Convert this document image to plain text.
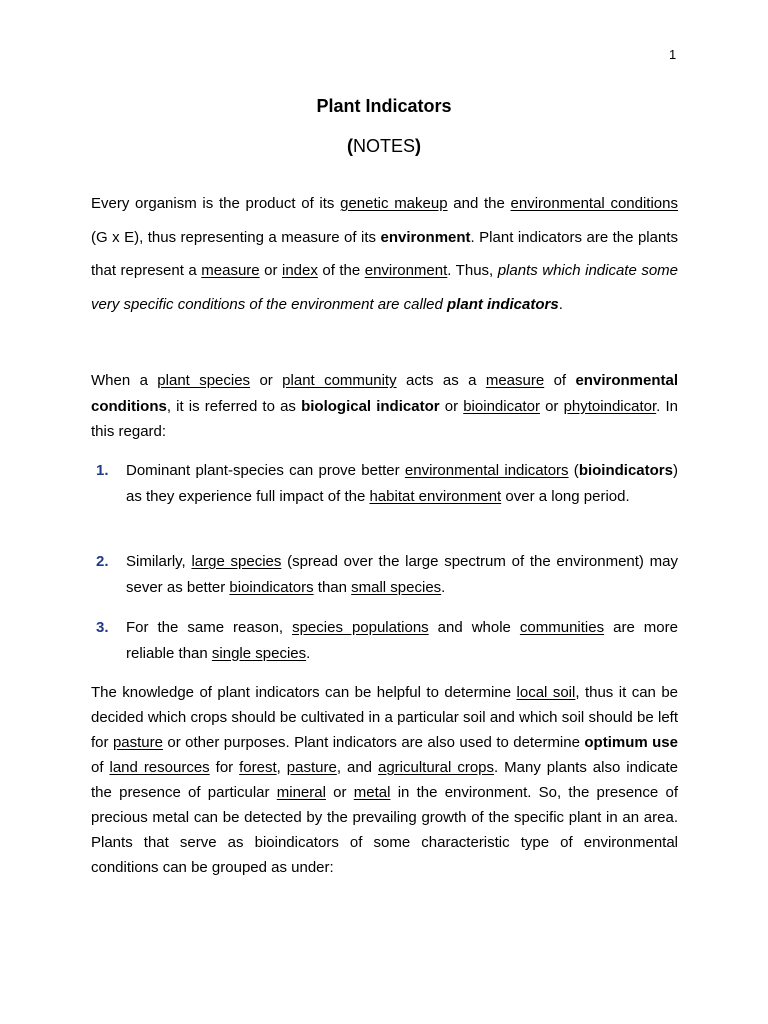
1
Plant Indicators
(NOTES)
Every organism is the product of its genetic makeup and the environmental conditions (G x E), thus representing a measure of its environment. Plant indicators are the plants that represent a measure or index of the environment. Thus, plants which indicate some very specific conditions of the environment are called plant indicators.
When a plant species or plant community acts as a measure of environmental conditions, it is referred to as biological indicator or bioindicator or phytoindicator. In this regard:
1. Dominant plant-species can prove better environmental indicators (bioindicators) as they experience full impact of the habitat environment over a long period.
2. Similarly, large species (spread over the large spectrum of the environment) may sever as better bioindicators than small species.
3. For the same reason, species populations and whole communities are more reliable than single species.
The knowledge of plant indicators can be helpful to determine local soil, thus it can be decided which crops should be cultivated in a particular soil and which soil should be left for pasture or other purposes. Plant indicators are also used to determine optimum use of land resources for forest, pasture, and agricultural crops. Many plants also indicate the presence of particular mineral or metal in the environment. So, the presence of precious metal can be detected by the prevailing growth of the specific plant in an area. Plants that serve as bioindicators of some characteristic type of environmental conditions can be grouped as under:
